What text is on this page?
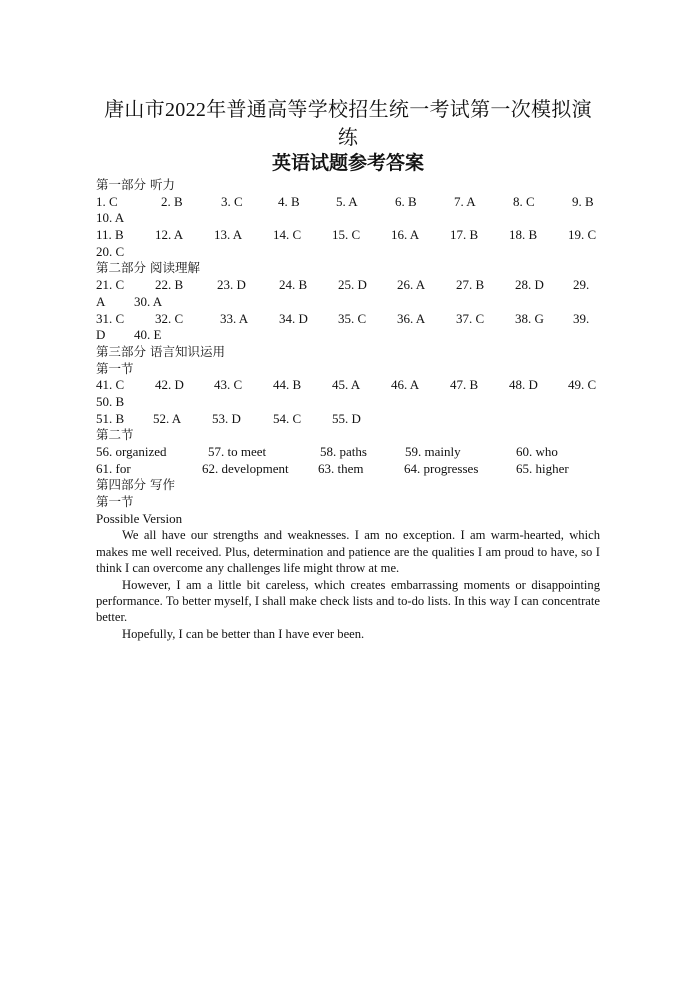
唐山市2022年普通高等学校招生统一考试第一次模拟演
练
英语试题参考答案
第一部分 听力
1. C	2. B	3. C	4. B	5. A	6. B	7. A	8. C	9. B
10. A
11. B 12. A 13. A 14. C 15. C 16. A 17. B 18. B 19. C
20. C
第二部分 阅读理解
21. C 22. B	23. D	24. B 25. D 26. A 27. B 28. D 29.
A 30. A
31. C 32. C	33. A 34. D 35. C 36. A 37. C 38. G 39.
D 40. E
第三部分 语言知识运用
第一节
41. C 42. D 43. C 44. B 45. A 46. A 47. B 48. D 49. C
50. B
51. B 52. A 53. D 54. C 55. D
第二节
56. organized	57. to meet	58. paths	59. mainly	60. who
61. for	62. development 63. them	64. progresses	65. higher
第四部分 写作
第一节
Possible Version

We all have our strengths and weaknesses. I am no exception. I am warm-hearted, which makes me well received. Plus, determination and patience are the qualities I am proud to have, so I think I can overcome any challenges life might throw at me.

However, I am a little bit careless, which creates embarrassing moments or disappointing performance. To better myself, I shall make check lists and to-do lists. In this way I can concentrate better.

Hopefully, I can be better than I have ever been.
